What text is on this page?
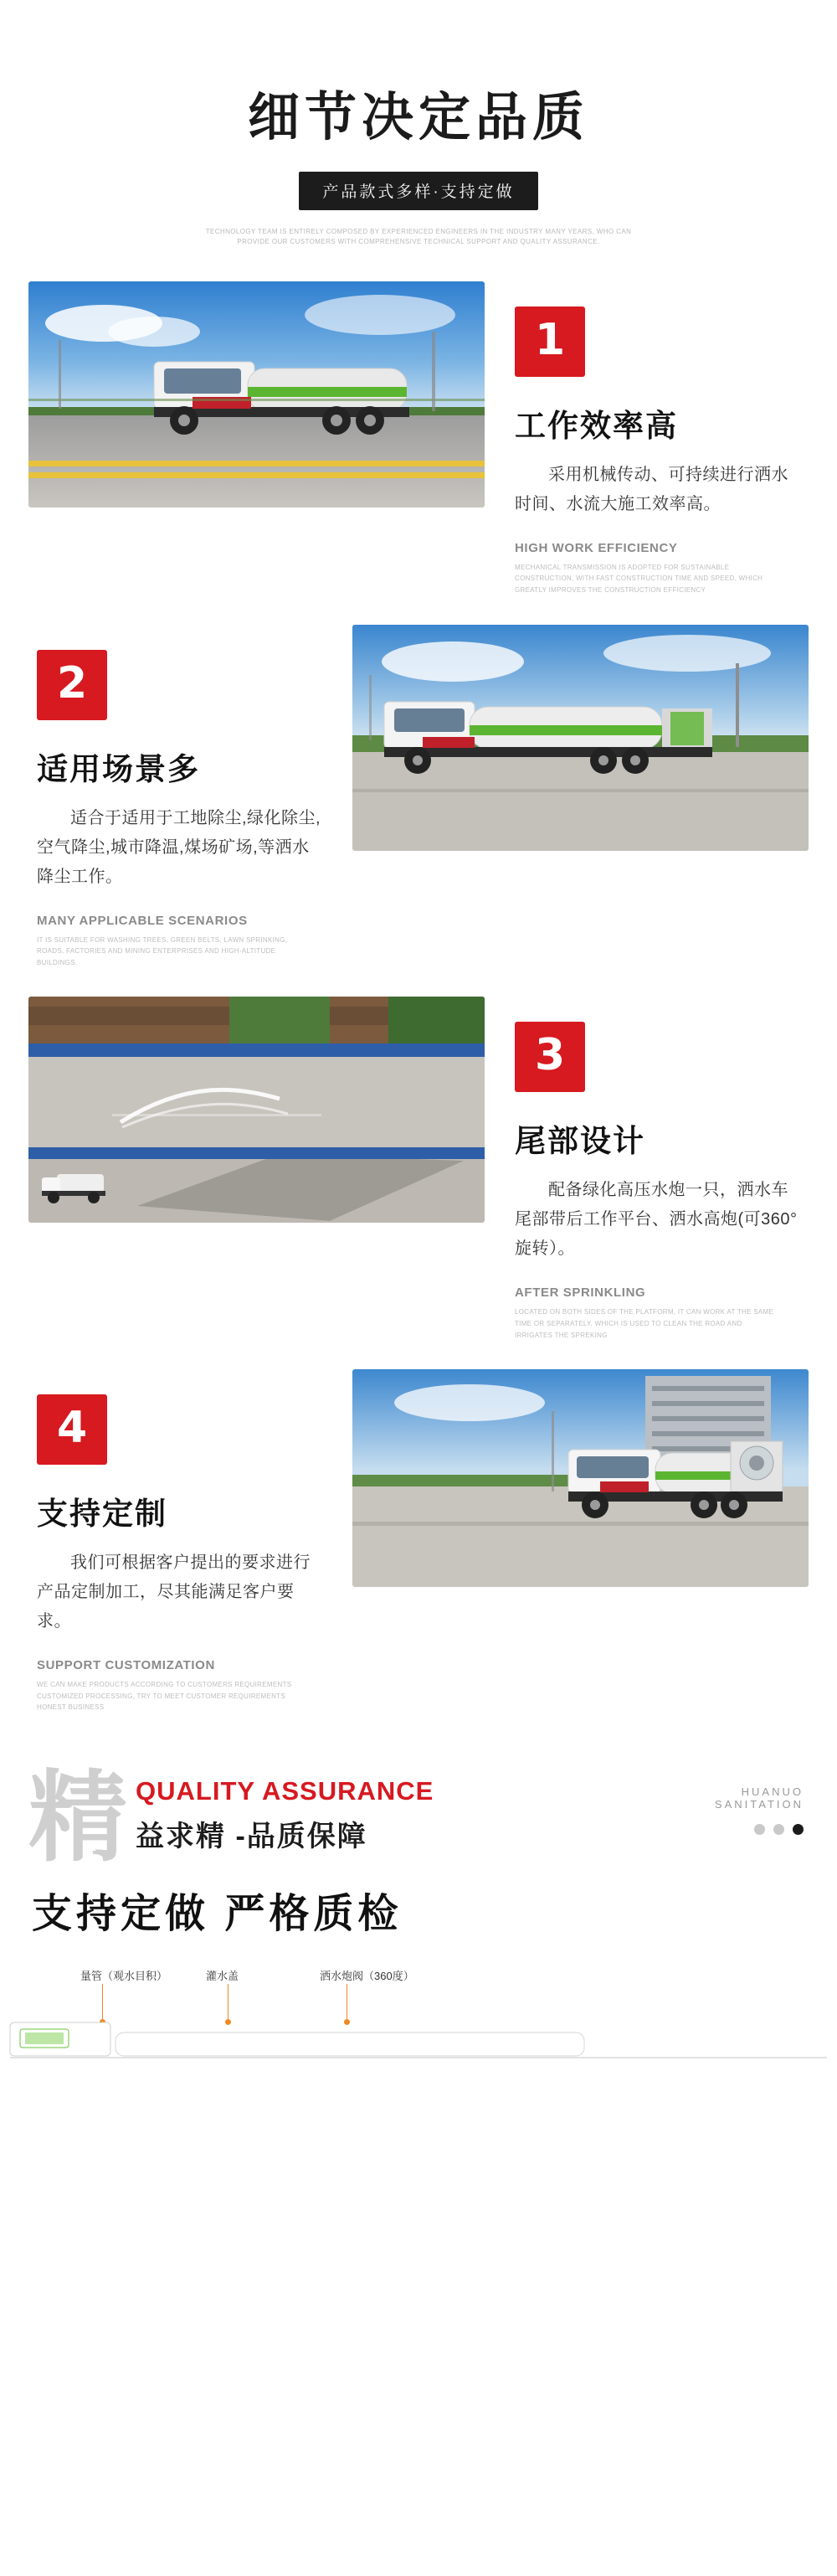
细节决定品质
产品款式多样·支持定做
TECHNOLOGY TEAM IS ENTIRELY COMPOSED BY EXPERIENCED ENGINEERS IN THE INDUSTRY MANY YEARS, WHO CAN PROVIDE OUR CUSTOMERS WITH COMPREHENSIVE TECHNICAL SUPPORT AND QUALITY ASSURANCE.
1
工作效率高
采用机械传动、可持续进行洒水时间、水流大施工效率高。
HIGH WORK EFFICIENCY
MECHANICAL TRANSMISSION IS ADOPTED FOR SUSTAINABLE CONSTRUCTION, WITH FAST CONSTRUCTION TIME AND SPEED, WHICH GREATLY IMPROVES THE CONSTRUCTION EFFICIENCY
2
适用场景多
适合于适用于工地除尘,绿化除尘,空气降尘,城市降温,煤场矿场,等洒水降尘工作。
MANY APPLICABLE SCENARIOS
IT IS SUITABLE FOR WASHING TREES, GREEN BELTS, LAWN SPRINKING, ROADS, FACTORIES AND MINING ENTERPRISES AND HIGH-ALTITUDE BUILDINGS.
3
尾部设计
配备绿化高压水炮一只，洒水车尾部带后工作平台、洒水高炮(可360°旋转）。
AFTER SPRINKLING
LOCATED ON BOTH SIDES OF THE PLATFORM, IT CAN WORK AT THE SAME TIME OR SEPARATELY, WHICH IS USED TO CLEAN THE ROAD AND IRRIGATES THE SPREKING
4
支持定制
我们可根据客户提出的要求进行产品定制加工，尽其能满足客户要求。
SUPPORT CUSTOMIZATION
WE CAN MAKE PRODUCTS ACCORDING TO CUSTOMERS REQUIREMENTS CUSTOMIZED PROCESSING, TRY TO MEET CUSTOMER REQUIREMENTS HONEST BUSINESS
精 QUALITY ASSURANCE
益求精 -品质保障
HUANUO
SANITATION
支持定做 严格质检
量管（观水目积）	灌水盖	洒水炮阀（360度）
